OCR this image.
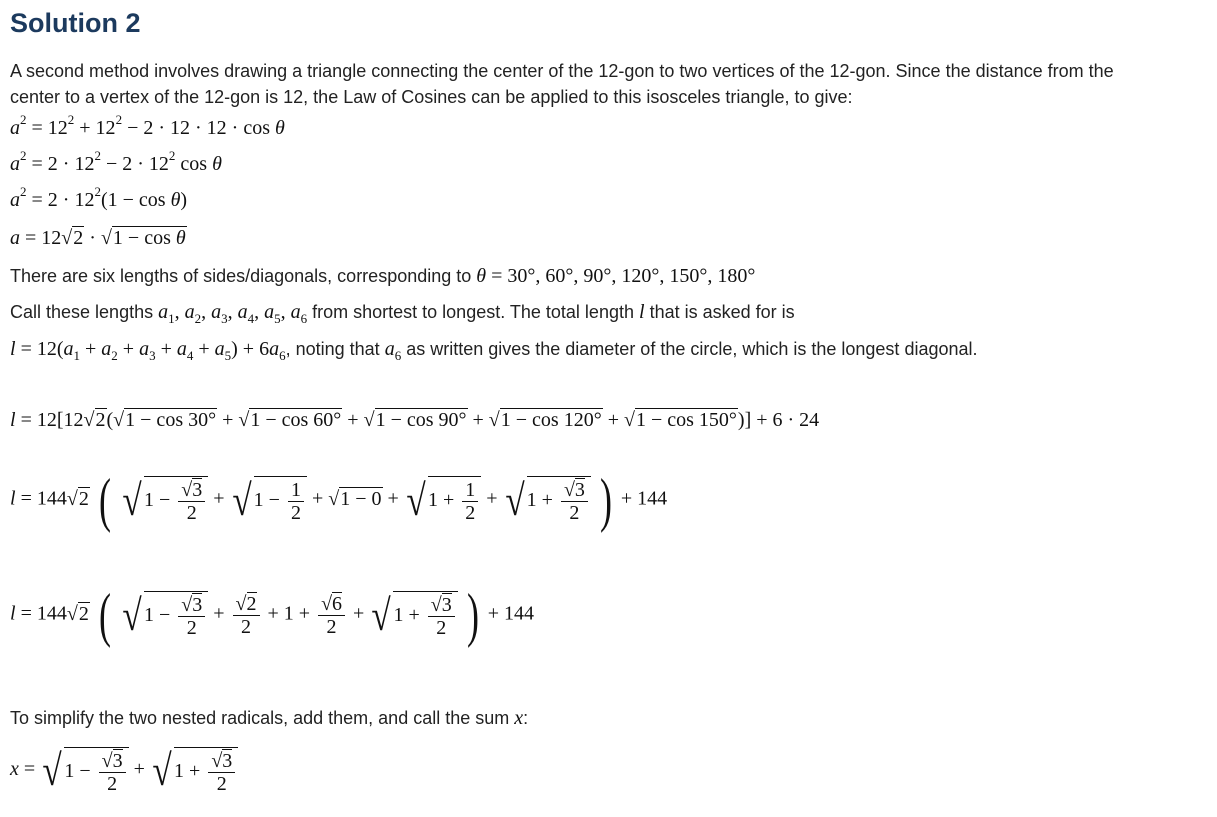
Solution 2

A second method involves drawing a triangle connecting the center of the 12-gon to two vertices of the 12-gon. Since the distance from the
center to a vertex of the 12-gon is 12, the Law of Cosines can be applied to this isosceles triangle, to give:

$a^2 = 12^2 + 12^2 - 2 \cdot 12 \cdot 12 \cdot \cos \theta$
$a^2 = 2 \cdot 12^2 - 2 \cdot 12^2$ cos θ
$a^2 = 2 \cdot 12^2(1 - \cos \theta)$
a = 12√2 · √1 − cos θ

There are six lengths of sides/diagonals, corresponding to θ = 30°, 60°, 90°, 120°, 150°, 180°

Call these lengths $a_1$, $a_2$, $a_3$, $a_4$, $a_5$, $a_6$ from shortest to longest. The total length l that is asked for is

$l = 12(a_1 + a_2 + a_3 + a_4 + a_5) + 6a_6$, noting that $a_6$ as written gives the diameter of the circle, which is the longest diagonal.

l = 12[12√2(√1 − cos 30° + √1 − cos 60° + √1 − cos 90° + √1 − cos 120° + √1 − cos 150°)] + 6 · 24
l = 144√2 ( √ $1 - \frac{√3}{2}$ + √ $1 - \frac{1}{2} + √1 - 0$ + √ $1 + \frac{1}{2}$ + √ $1 + \frac{√3}{2}$ ) + 144
l = 144√2 ( √ $1 - \frac{√3}{2} + \frac{√2}{2} + 1 + \frac{√6}{2}$ + √ $1 + \frac{√3}{2}$ ) + 144

To simplify the two nested radicals, add them, and call the sum x:

x = √ $1 - \frac{√3}{2}$ + √ $1 + \frac{√3}{2}$
